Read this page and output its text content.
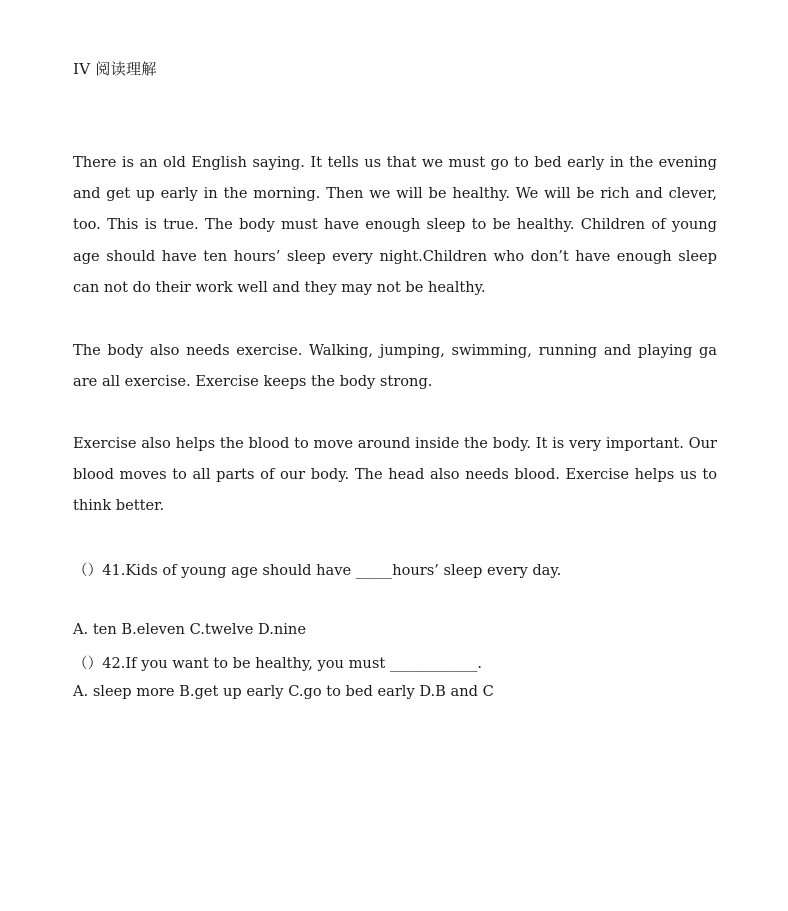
IV 阅读理解
There is an old English saying. It tells us that we must go to bed early in the evening and get up early in the morning. Then we will be healthy. We will be rich and clever, too. This is true. The body must have enough sleep to be healthy. Children of young age should have ten hours’ sleep every night.Children who don’t have enough sleep can not do their work well and they may not be healthy.
The body also needs exercise. Walking, jumping, swimming, running and playing ga are all exercise. Exercise keeps the body strong.
Exercise also helps the blood to move around inside the body. It is very important. Our blood moves to all parts of our body. The head also needs blood. Exercise helps us to think better.
（）41.Kids of young age should have _____hours’ sleep every day.
A. ten B.eleven C.twelve D.nine
（）42.If you want to be healthy, you must ____________.
A. sleep more B.get up early C.go to bed early D.B and C
